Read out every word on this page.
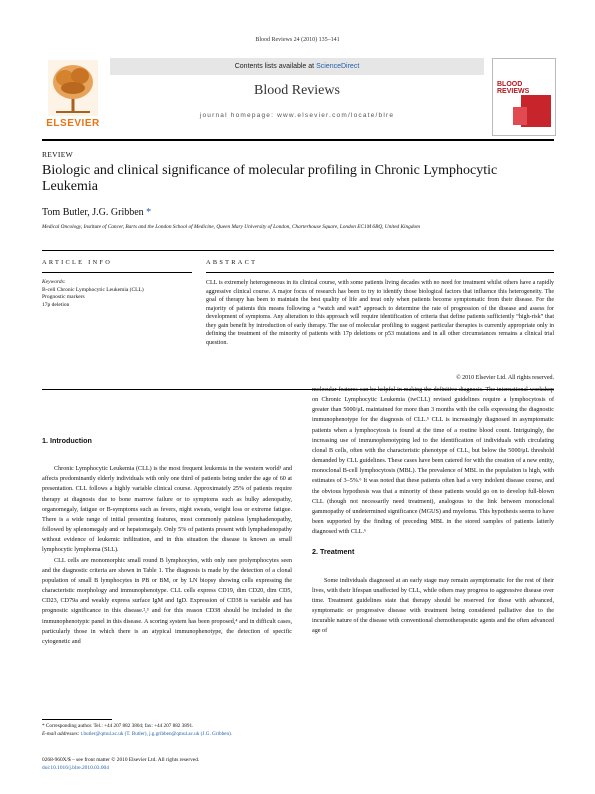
Blood Reviews 24 (2010) 135–141
ELSEVIER
Contents lists available at ScienceDirect
Blood Reviews
journal homepage: www.elsevier.com/locate/blre
BLOOD REVIEWS
REVIEW
Biologic and clinical significance of molecular profiling in Chronic Lymphocytic Leukemia
Tom Butler, J.G. Gribben *
Medical Oncology, Institute of Cancer, Barts and the London School of Medicine, Queen Mary University of London, Charterhouse Square, London EC1M 6BQ, United Kingdom
ARTICLE INFO	ABSTRACT
Keywords:
B-cell Chronic Lymphocytic Leukemia (CLL)
Prognostic markers
17p deletion
CLL is extremely heterogeneous in its clinical course, with some patients living decades with no need for treatment whilst others have a rapidly aggressive clinical course. A major focus of research has been to try to identify those biological factors that influence this heterogeneity. The goal of therapy has been to maintain the best quality of life and treat only when patients become symptomatic from their disease. For the majority of patients this means following a “watch and wait” approach to determine the rate of progression of the disease and assess for development of symptoms. Any alteration to this approach will require identification of criteria that define patients sufficiently “high-risk” that they gain benefit by introduction of early therapy. The use of molecular profiling to suggest particular therapies is currently appropriate only in defining the treatment of the minority of patients with 17p deletions or p53 mutations and in all other circumstances remains a clinical trial question.
© 2010 Elsevier Ltd. All rights reserved.
1. Introduction

Chronic Lymphocytic Leukemia (CLL) is the most frequent leukemia in the western world¹ and affects predominantly elderly individuals with only one third of patients being under the age of 60 at presentation. CLL follows a highly variable clinical course. Approximately 25% of patients require therapy at diagnosis due to bone marrow failure or to symptoms such as bulky adenopathy, organomegaly, fatigue or B-symptoms such as fevers, night sweats, weight loss or extreme fatigue. There is a wide range of initial presenting features, most commonly painless lymphadenopathy, followed by splenomegaly and or hepatomegaly. Only 5% of patients present with lymphadenopathy without evidence of leukemic infiltration, and in this situation the disease is known as small lymphocytic lymphoma (SLL).

CLL cells are monomorphic small round B lymphocytes, with only rare prolymphocytes seen and the diagnostic criteria are shown in Table 1. The diagnosis is made by the detection of a clonal population of small B lymphocytes in PB or BM, or by LN biopsy showing cells expressing the characteristic morphology and immunophenotype. CLL cells express CD19, dim CD20, dim CD5, CD23, CD79a and weakly express surface IgM and IgD. Expression of CD38 is variable and has prognostic significance in this disease.²,³ and for this reason CD38 should be included in the immunophenotypic panel in this disease. A scoring system has been proposed,⁴ and in difficult cases, particularly those in which there is an atypical immunophenotype, the detection of specific cytogenetic and

molecular features can be helpful in making the definitive diagnosis. The international workshop on Chronic Lymphocytic Leukemia (iwCLL) revised guidelines require a lymphocytosis of greater than 5000/μL maintained for more than 3 months with the cells expressing the diagnostic immunophenotype for the diagnosis of CLL.⁵ CLL is increasingly diagnosed in asymptomatic patients when a lymphocytosis is found at the time of a routine blood count. Intriguingly, the increasing use of immunophenotyping led to the identification of individuals with circulating clonal B cells, often with the characteristic phenotype of CLL, but below the 5000/μL threshold demanded by CLL guidelines. These cases have been catered for with the creation of a new entity, monoclonal B-cell lymphocytosis (MBL). The prevalence of MBL in the population is high, with estimates of 3–5%.⁶ It was noted that these patients often had a very indolent disease course, and the obvious hypothesis was that a minority of these patients would go on to develop full-blown CLL (though not necessarily need treatment), analogous to the link between monoclonal gammopathy of undetermined significance (MGUS) and myeloma. This hypothesis seems to have been supported by the finding of preceding MBL in the stored samples of patients latterly diagnosed with CLL.⁶

2. Treatment

Some individuals diagnosed at an early stage may remain asymptomatic for the rest of their lives, with their lifespan unaffected by CLL, while others may progress to aggressive disease over time. Treatment guidelines state that therapy should be reserved for those with advanced, symptomatic or progressive disease with treatment being considered palliative due to the incurable nature of the disease with conventional chemotherapeutic agents and the often advanced age of

* Corresponding author. Tel.: +44 207 882 3804; fax: +44 207 882 3891.
E-mail addresses: t.butler@qmul.ac.uk (T. Butler), j.g.gribben@qmul.ac.uk (J.G. Gribben).
0268-960X/$ – see front matter © 2010 Elsevier Ltd. All rights reserved.
doi:10.1016/j.blre.2010.03.004
